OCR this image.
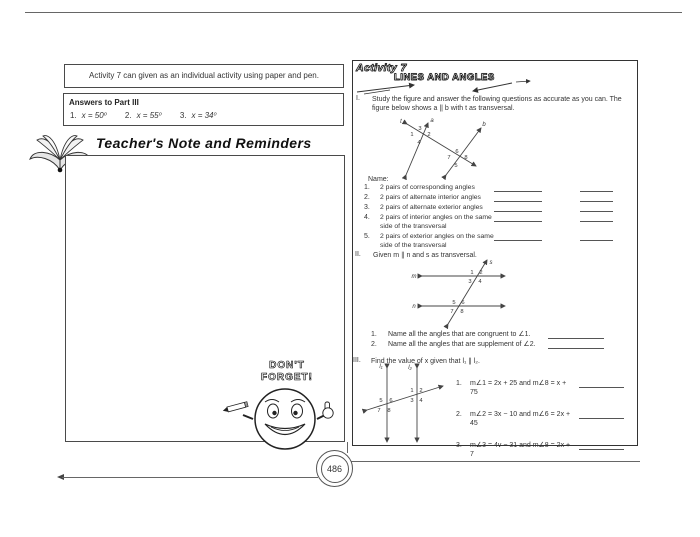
Activity 7 can given as an individual activity using paper and pen.
Answers to Part III
1. x = 50⁰ 2. x = 55⁰ 3. x = 34⁰
Teacher's Note and Reminders
DON'T
FORGET!
Activity 7
LINES AND ANGLES
I. Study the figure and answer the following questions as accurate as you can. The figure below shows a || b with t as transversal.
t	a
b
3
1 2
4
6
7 8
5
Name:
1.	2 pairs of corresponding angles
2.	2 pairs of alternate interior angles
3.	2 pairs of alternate exterior angles
4.	2 pairs of interior angles on the same side of the transversal
5.	2 pairs of exterior angles on the same side of the transversal
II. Given m ∥ n and s as transversal.
m
n
s
1 2
3 4
5 6
7 8
1.	Name all the angles that are congruent to ∠1.
2.	Name all the angles that are supplement of ∠2.
III. Find the value of x given that l₁ ∥ l₂.
l₁	l₂
1 2
3 4
5 6
7 8
1.	m∠1 = 2x + 25 and m∠8 = x + 75
2.	m∠2 = 3x − 10 and m∠6 = 2x + 45
3.	m∠3 = 4v − 31 and m∠8 = 2x + 7
486
